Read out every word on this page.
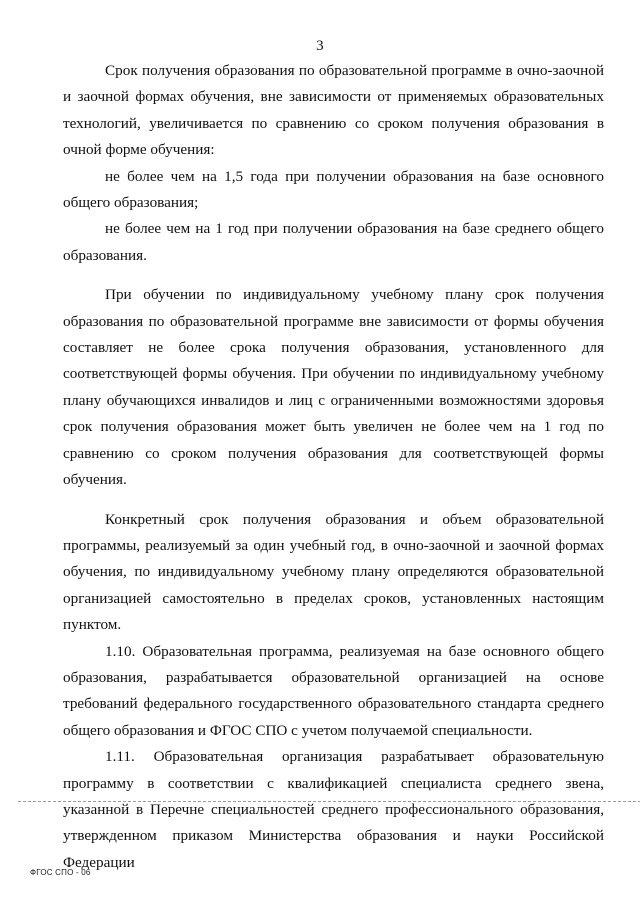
3

Срок получения образования по образовательной программе в очно-заочной и заочной формах обучения, вне зависимости от применяемых образовательных технологий, увеличивается по сравнению со сроком получения образования в очной форме обучения:

не более чем на 1,5 года при получении образования на базе основного общего образования;

не более чем на 1 год при получении образования на базе среднего общего образования.

При обучении по индивидуальному учебному плану срок получения образования по образовательной программе вне зависимости от формы обучения составляет не более срока получения образования, установленного для соответствующей формы обучения. При обучении по индивидуальному учебному плану обучающихся инвалидов и лиц с ограниченными возможностями здоровья срок получения образования может быть увеличен не более чем на 1 год по сравнению со сроком получения образования для соответствующей формы обучения.

Конкретный срок получения образования и объем образовательной программы, реализуемый за один учебный год, в очно-заочной и заочной формах обучения, по индивидуальному учебному плану определяются образовательной организацией самостоятельно в пределах сроков, установленных настоящим пунктом.

1.10. Образовательная программа, реализуемая на базе основного общего образования, разрабатывается образовательной организацией на основе требований федерального государственного образовательного стандарта среднего общего образования и ФГОС СПО с учетом получаемой специальности.

1.11. Образовательная организация разрабатывает образовательную программу в соответствии с квалификацией специалиста среднего звена, указанной в Перечне специальностей среднего профессионального образования, утвержденном приказом Министерства образования и науки Российской Федерации

ФГОС СПО - 06
